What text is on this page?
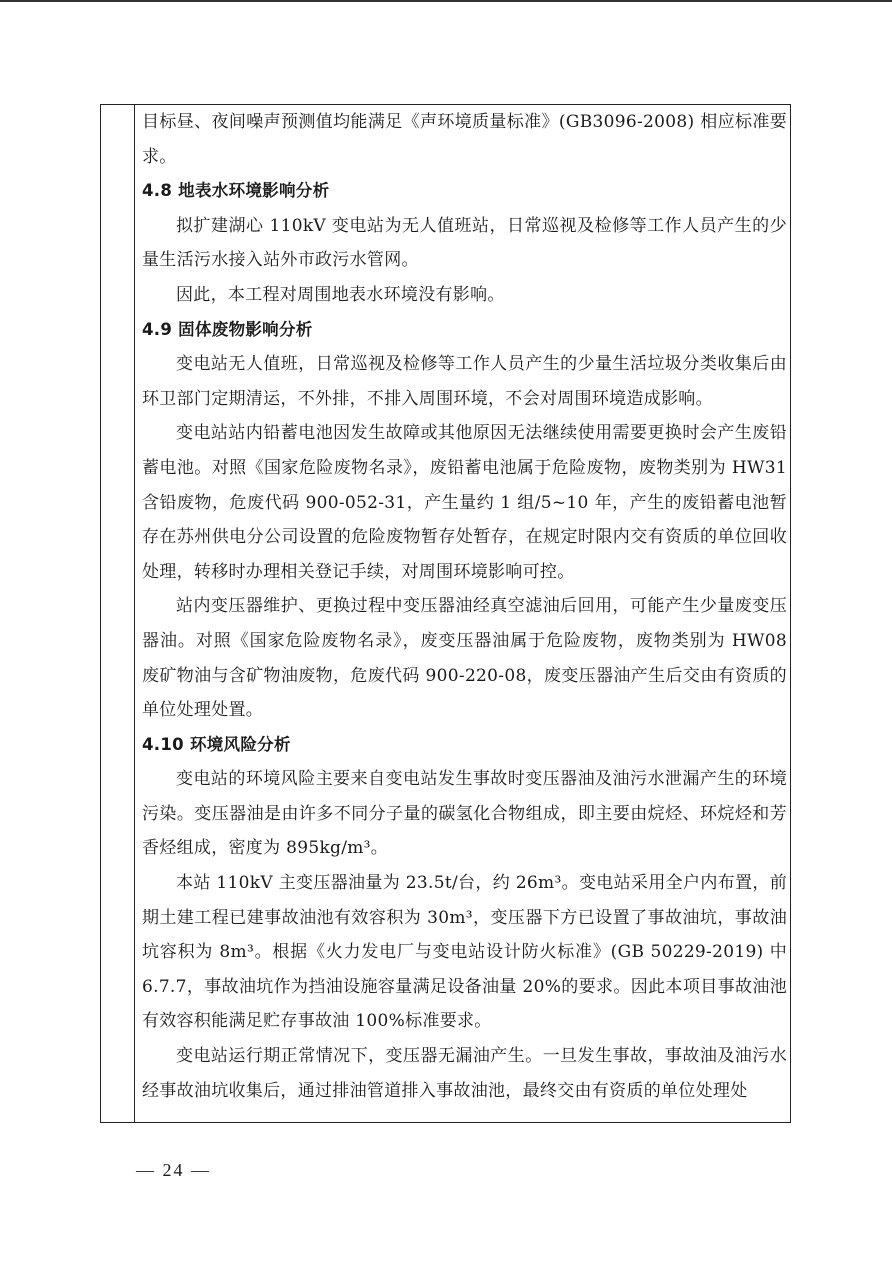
目标昼、夜间噪声预测值均能满足《声环境质量标准》(GB3096-2008) 相应标准要求。

4.8 地表水环境影响分析

拟扩建湖心 110kV 变电站为无人值班站，日常巡视及检修等工作人员产生的少量生活污水接入站外市政污水管网。

因此，本工程对周围地表水环境没有影响。

4.9 固体废物影响分析

变电站无人值班，日常巡视及检修等工作人员产生的少量生活垃圾分类收集后由环卫部门定期清运，不外排，不排入周围环境，不会对周围环境造成影响。

变电站站内铅蓄电池因发生故障或其他原因无法继续使用需要更换时会产生废铅蓄电池。对照《国家危险废物名录》，废铅蓄电池属于危险废物，废物类别为 HW31 含铅废物，危废代码 900-052-31，产生量约 1 组/5~10 年，产生的废铅蓄电池暂存在苏州供电分公司设置的危险废物暂存处暂存，在规定时限内交有资质的单位回收处理，转移时办理相关登记手续，对周围环境影响可控。

站内变压器维护、更换过程中变压器油经真空滤油后回用，可能产生少量废变压器油。对照《国家危险废物名录》，废变压器油属于危险废物，废物类别为 HW08 废矿物油与含矿物油废物，危废代码 900-220-08，废变压器油产生后交由有资质的单位处理处置。

4.10 环境风险分析

变电站的环境风险主要来自变电站发生事故时变压器油及油污水泄漏产生的环境污染。变压器油是由许多不同分子量的碳氢化合物组成，即主要由烷烃、环烷烃和芳香烃组成，密度为 895kg/m³。

本站 110kV 主变压器油量为 23.5t/台，约 26m³。变电站采用全户内布置，前期土建工程已建事故油池有效容积为 30m³，变压器下方已设置了事故油坑，事故油坑容积为 8m³。根据《火力发电厂与变电站设计防火标准》(GB 50229-2019) 中 6.7.7，事故油坑作为挡油设施容量满足设备油量 20%的要求。因此本项目事故油池有效容积能满足贮存事故油 100%标准要求。

变电站运行期正常情况下，变压器无漏油产生。一旦发生事故，事故油及油污水经事故油坑收集后，通过排油管道排入事故油池，最终交由有资质的单位处理处

— 24 —
